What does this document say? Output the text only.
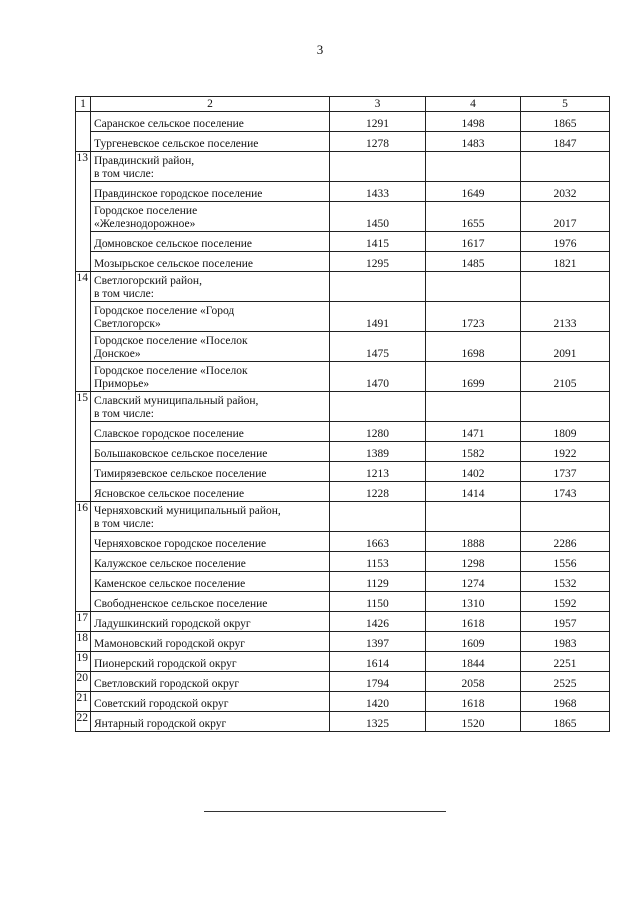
3
1	2	3	4	5
	Саранское сельское поселение	1291	1498	1865
	Тургеневское сельское поселение	1278	1483	1847
13	Правдинский район,
в том числе:			
	Правдинское городское поселение	1433	1649	2032
	Городское поселение
«Железнодорожное»	1450	1655	2017
	Домновское сельское поселение	1415	1617	1976
	Мозырьское сельское поселение	1295	1485	1821
14	Светлогорский район,
в том числе:			
	Городское поселение «Город
Светлогорск»	1491	1723	2133
	Городское поселение «Поселок
Донское»	1475	1698	2091
	Городское поселение «Поселок
Приморье»	1470	1699	2105
15	Славский муниципальный район,
в том числе:			
	Славское городское поселение	1280	1471	1809
	Большаковское сельское поселение	1389	1582	1922
	Тимирязевское сельское поселение	1213	1402	1737
	Ясновское сельское поселение	1228	1414	1743
16	Черняховский муниципальный район,
в том числе:			
	Черняховское городское поселение	1663	1888	2286
	Калужское сельское поселение	1153	1298	1556
	Каменское сельское поселение	1129	1274	1532
	Свободненское сельское поселение	1150	1310	1592
17	Ладушкинский городской округ	1426	1618	1957
18	Мамоновский городской округ	1397	1609	1983
19	Пионерский городской округ	1614	1844	2251
20	Светловский городской округ	1794	2058	2525
21	Советский городской округ	1420	1618	1968
22	Янтарный городской округ	1325	1520	1865
